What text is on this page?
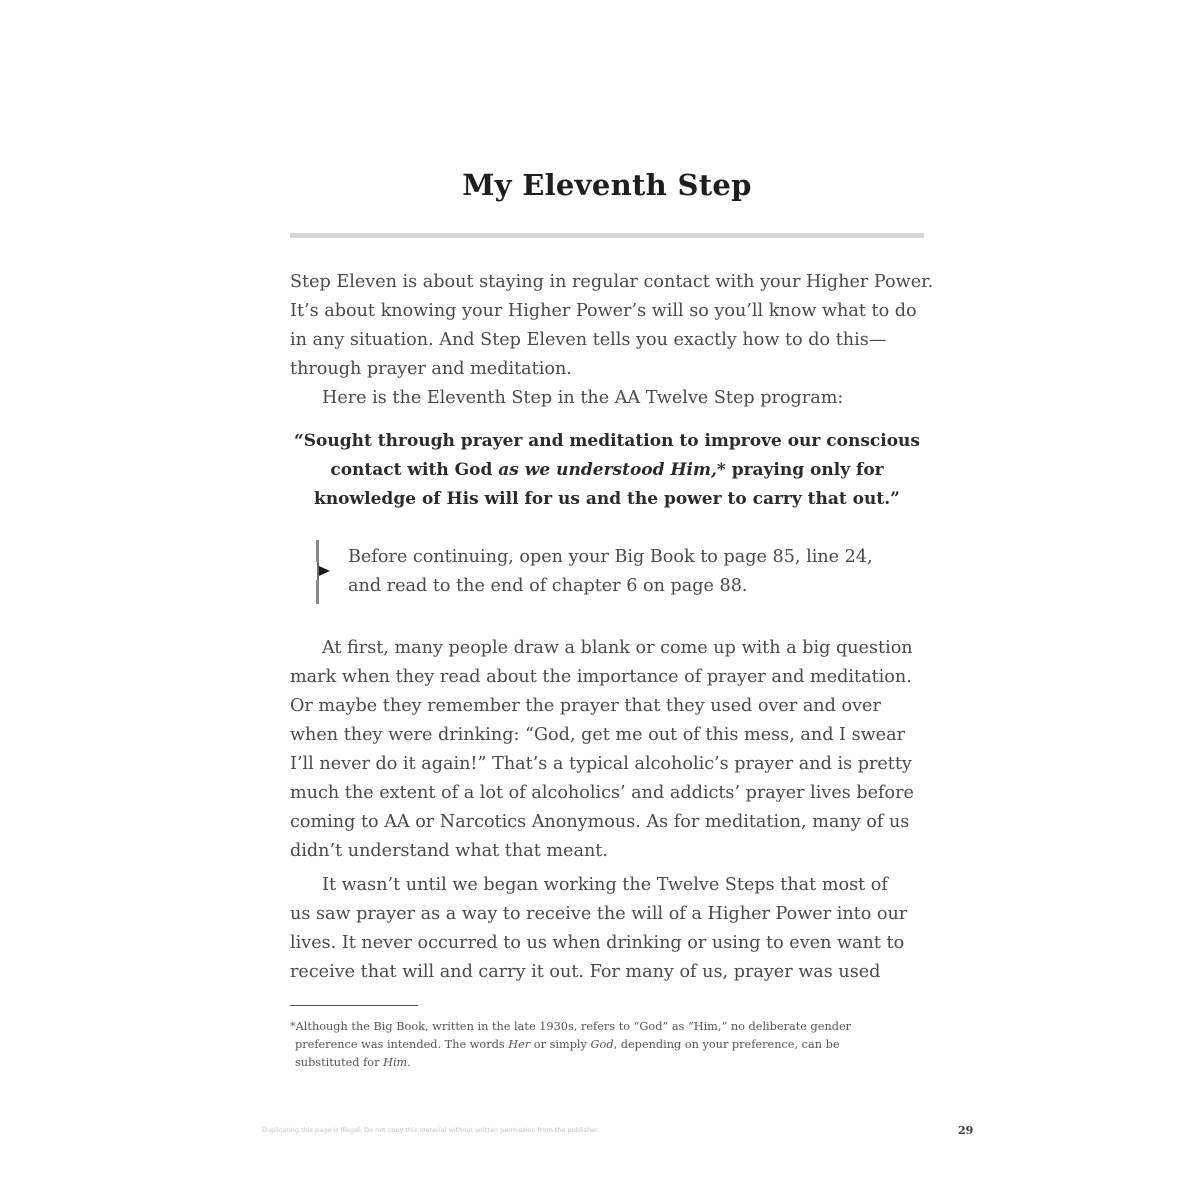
My Eleventh Step
Step Eleven is about staying in regular contact with your Higher Power.
It’s about knowing your Higher Power’s will so you’ll know what to do
in any situation. And Step Eleven tells you exactly how to do this—
through prayer and meditation.
Here is the Eleventh Step in the AA Twelve Step program:
“Sought through prayer and meditation to improve our conscious
contact with God as we understood Him,* praying only for
knowledge of His will for us and the power to carry that out.”
Before continuing, open your Big Book to page 85, line 24,
and read to the end of chapter 6 on page 88.
At first, many people draw a blank or come up with a big question
mark when they read about the importance of prayer and meditation.
Or maybe they remember the prayer that they used over and over
when they were drinking: “God, get me out of this mess, and I swear
I’ll never do it again!” That’s a typical alcoholic’s prayer and is pretty
much the extent of a lot of alcoholics’ and addicts’ prayer lives before
coming to AA or Narcotics Anonymous. As for meditation, many of us
didn’t understand what that meant.
It wasn’t until we began working the Twelve Steps that most of
us saw prayer as a way to receive the will of a Higher Power into our
lives. It never occurred to us when drinking or using to even want to
receive that will and carry it out. For many of us, prayer was used
*Although the Big Book, written in the late 1930s, refers to “God” as “Him,” no deliberate gender
preference was intended. The words Her or simply God, depending on your preference, can be
substituted for Him.
Duplicating this page is illegal. Do not copy this material without written permission from the publisher.	29
